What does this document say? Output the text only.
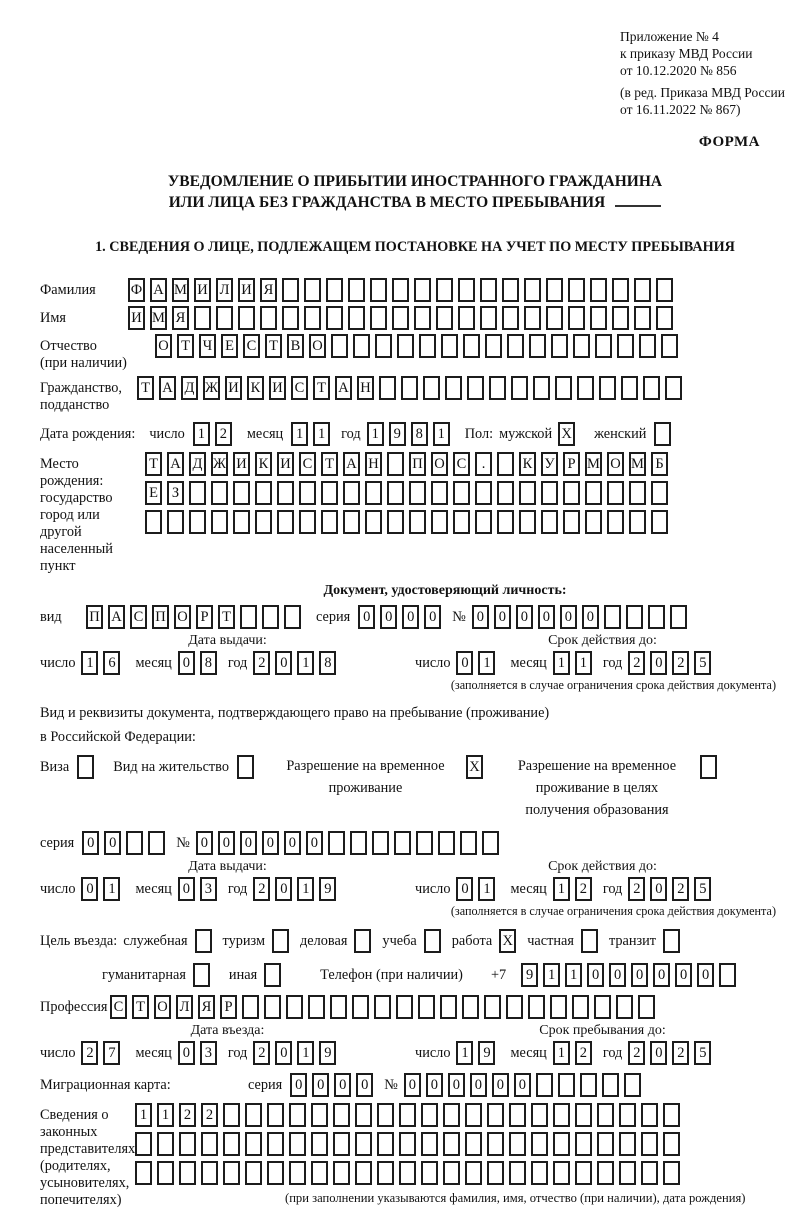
Приложение № 4
к приказу МВД России
от 10.12.2020 № 856
(в ред. Приказа МВД России
от 16.11.2022 № 867)
ФОРМА
УВЕДОМЛЕНИЕ О ПРИБЫТИИ ИНОСТРАННОГО ГРАЖДАНИНА
ИЛИ ЛИЦА БЕЗ ГРАЖДАНСТВА В МЕСТО ПРЕБЫВАНИЯ
1. СВЕДЕНИЯ О ЛИЦЕ, ПОДЛЕЖАЩЕМ ПОСТАНОВКЕ НА УЧЕТ ПО МЕСТУ ПРЕБЫВАНИЯ
Фамилия	Ф А М И Л И Я
Имя	И М Я
Отчество
(при наличии)
О Т Ч Е С Т В О
Гражданство,
подданство
Т А Д Ж И К И С Т А Н
Дата рождения: число 1	2	месяц 1	1	год 1	9	8	1	Пол: мужской X женский
Место рождения:
государство
город или другой
населенный пункт
Т А Д Ж И К И С Т А Н П О С	.	К У Р М О М Б
Е З
Документ, удостоверяющий личность:
вид	П А С П О Р Т	серия 0	0	0	0	№ 0	0	0	0	0	0
Дата выдачи:
число 1	6	месяц 0	8	год 2	0	1	8
Срок действия до:
число 0	1	месяц 1	1	год 2	0	2	5
(заполняется в случае ограничения срока действия документа)
Вид и реквизиты документа, подтверждающего право на пребывание (проживание)
в Российской Федерации:
Виза	Вид на жительство	Разрешение на временное
проживание
X	Разрешение на временное
проживание в целях
получения образования
серия 0	0	№ 0	0	0	0	0	0
Дата выдачи:
число 0	1	месяц 0	3	год 2	0	1	9
Срок действия до:
число 0	1	месяц 1	2	год 2	0	2	5
(заполняется в случае ограничения срока действия документа)
Цель въезда: служебная туризм деловая учеба работа X частная транзит
гуманитарная	иная	Телефон (при наличии) +7	9	1	1	0	0	0	0	0	0
Профессия С Т О Л Я Р
Дата въезда:
число 2	7	месяц 0	3	год 2	0	1	9
Срок пребывания до:
число 1	9	месяц 1	2	год 2	0	2	5
Миграционная карта:	серия 0	0	0	0	№ 0	0	0	0	0	0
Сведения о
законных
представителях
(родителях,
усыновителях,
попечителях)
1	1	2	2
(при заполнении указываются фамилия, имя, отчество (при наличии), дата рождения)
